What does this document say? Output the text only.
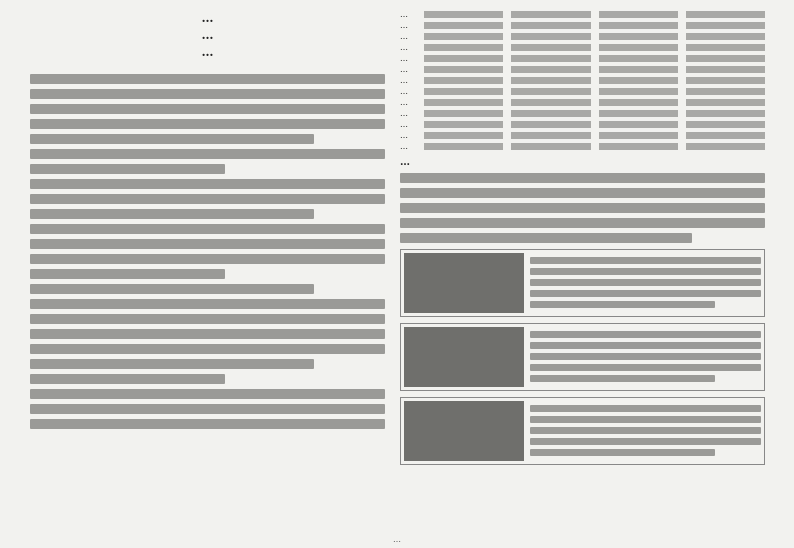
…
…
…
…
…
…
…
…
…
…
…
…
…
…
…
…
…
…
